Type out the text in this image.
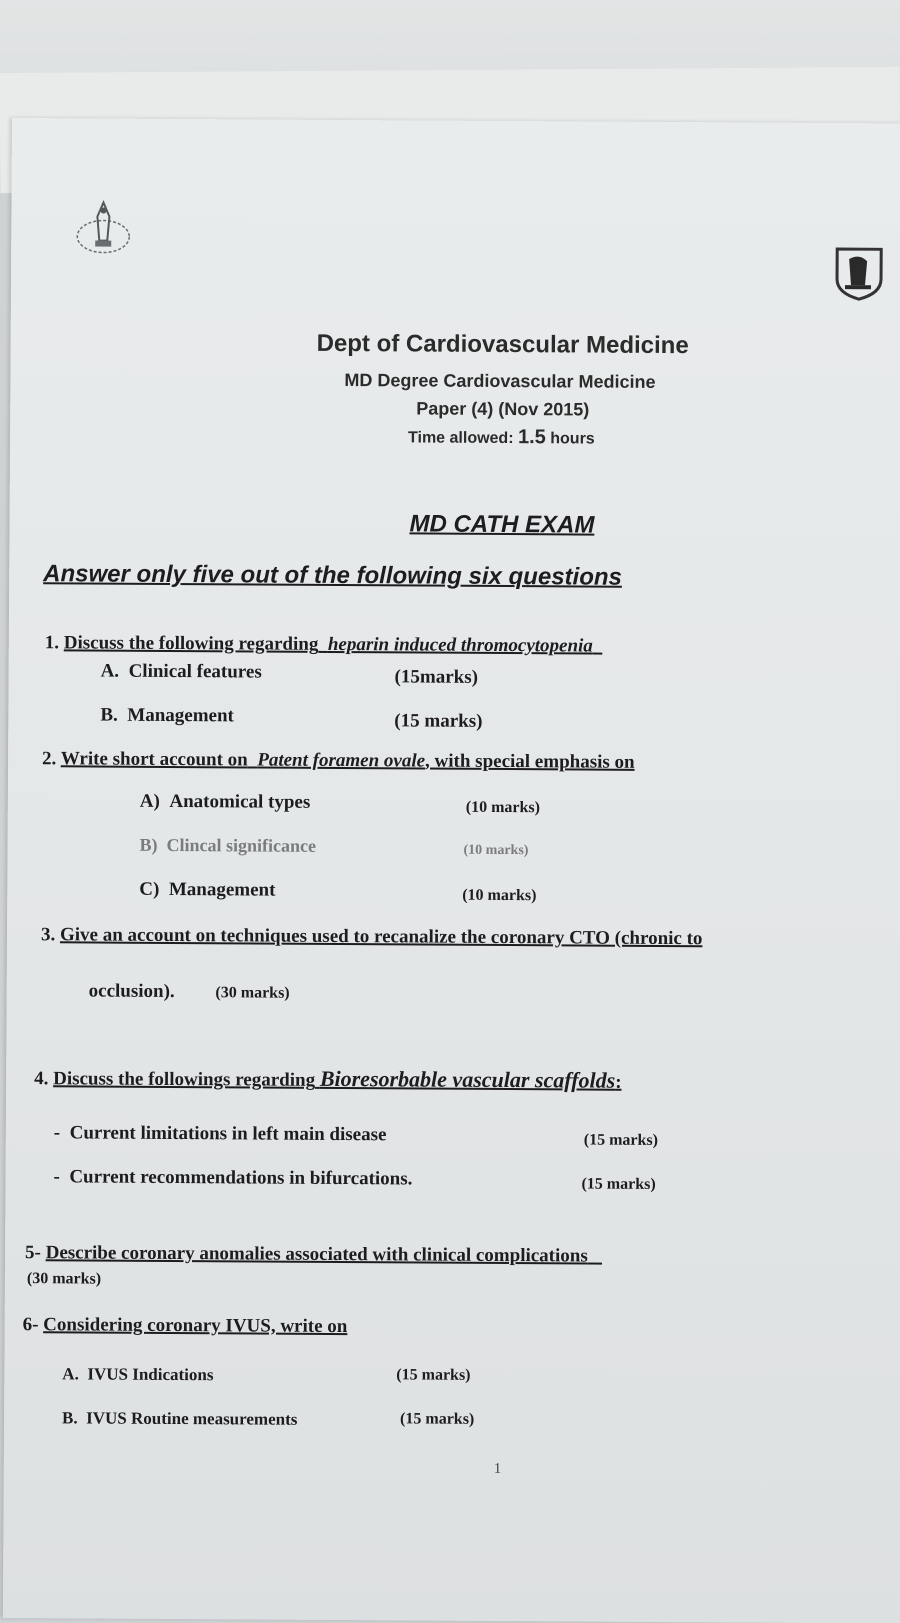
Dept of Cardiovascular Medicine
MD Degree Cardiovascular Medicine
Paper (4) (Nov 2015)
Time allowed: 1.5 hours
MD CATH EXAM
Answer only five out of the following six questions
1. Discuss the following regarding heparin induced thromocytopenia
A. Clinical features	(15marks)
B. Management	(15 marks)
2. Write short account on Patent foramen ovale, with special emphasis on
A) Anatomical types	(10 marks)
B) Clincal significance	(10 marks)
C) Management	(10 marks)
3. Give an account on techniques used to recanalize the coronary CTO (chronic to
occlusion).	(30 marks)
4. Discuss the followings regarding Bioresorbable vascular scaffolds:
- Current limitations in left main disease	(15 marks)
- Current recommendations in bifurcations.	(15 marks)
5- Describe coronary anomalies associated with clinical complications
(30 marks)
6- Considering coronary IVUS, write on
A. IVUS Indications	(15 marks)
B. IVUS Routine measurements	(15 marks)
1
